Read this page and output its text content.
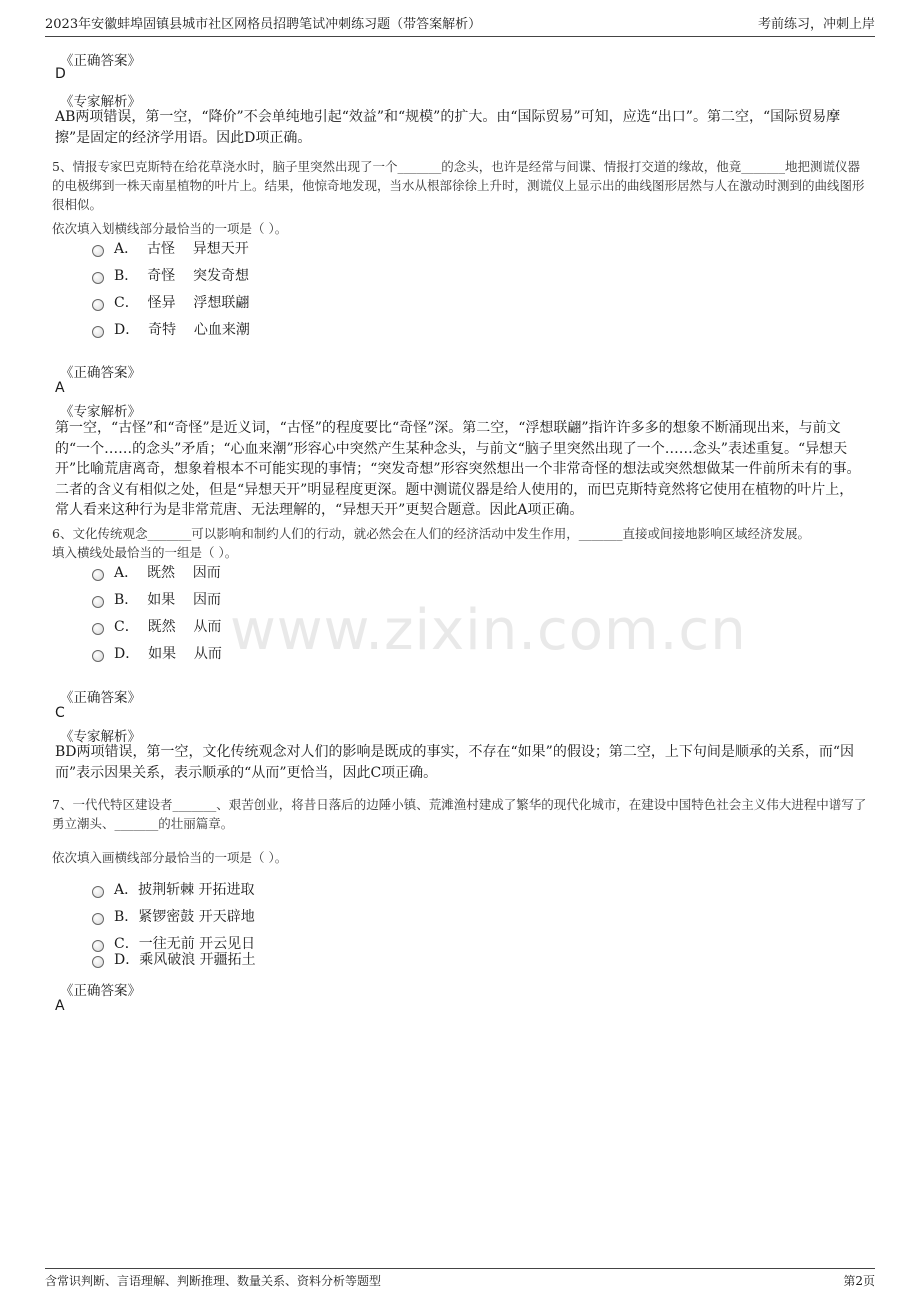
2023年安徽蚌埠固镇县城市社区网格员招聘笔试冲刺练习题（带答案解析）	考前练习，冲刺上岸
www.zixin.com.cn
《正确答案》
D
《专家解析》
AB两项错误，第一空，“降价”不会单纯地引起“效益”和“规模”的扩大。由“国际贸易”可知，应选“出口”。第二空，“国际贸易摩擦”是固定的经济学用语。因此D项正确。
5、情报专家巴克斯特在给花草浇水时，脑子里突然出现了一个_______的念头，也许是经常与间谍、情报打交道的缘故，他竟_______地把测谎仪器的电极绑到一株天南星植物的叶片上。结果，他惊奇地发现，当水从根部徐徐上升时，测谎仪上显示出的曲线图形居然与人在激动时测到的曲线图形很相似。
依次填入划横线部分最恰当的一项是（ ）。
A．  古怪    异想天开
B．  奇怪    突发奇想
C．  怪异    浮想联翩
D．  奇特    心血来潮
《正确答案》
A
《专家解析》
第一空，“古怪”和“奇怪”是近义词，“古怪”的程度要比“奇怪”深。第二空，“浮想联翩”指许许多多的想象不断涌现出来，与前文的“一个……的念头”矛盾；“心血来潮”形容心中突然产生某种念头，与前文“脑子里突然出现了一个……念头”表述重复。“异想天开”比喻荒唐离奇，想象着根本不可能实现的事情；“突发奇想”形容突然想出一个非常奇怪的想法或突然想做某一件前所未有的事。二者的含义有相似之处，但是“异想天开”明显程度更深。题中测谎仪器是给人使用的，而巴克斯特竟然将它使用在植物的叶片上，常人看来这种行为是非常荒唐、无法理解的，“异想天开”更契合题意。因此A项正确。
6、文化传统观念_______可以影响和制约人们的行动，就必然会在人们的经济活动中发生作用，_______直接或间接地影响区域经济发展。
填入横线处最恰当的一组是（ ）。
A．  既然    因而
B．  如果    因而
C．  既然    从而
D．  如果    从而
《正确答案》
C
《专家解析》
BD两项错误，第一空，文化传统观念对人们的影响是既成的事实，不存在“如果”的假设；第二空，上下句间是顺承的关系，而“因而”表示因果关系，表示顺承的“从而”更恰当，因此C项正确。
7、一代代特区建设者_______、艰苦创业，将昔日落后的边陲小镇、荒滩渔村建成了繁华的现代化城市，在建设中国特色社会主义伟大进程中谱写了勇立潮头、_______的壮丽篇章。
依次填入画横线部分最恰当的一项是（ ）。
A．披荆斩棘 开拓进取
B．紧锣密鼓 开天辟地
C．一往无前 开云见日
D．乘风破浪 开疆拓土
《正确答案》
A
含常识判断、言语理解、判断推理、数量关系、资料分析等题型	第2页
